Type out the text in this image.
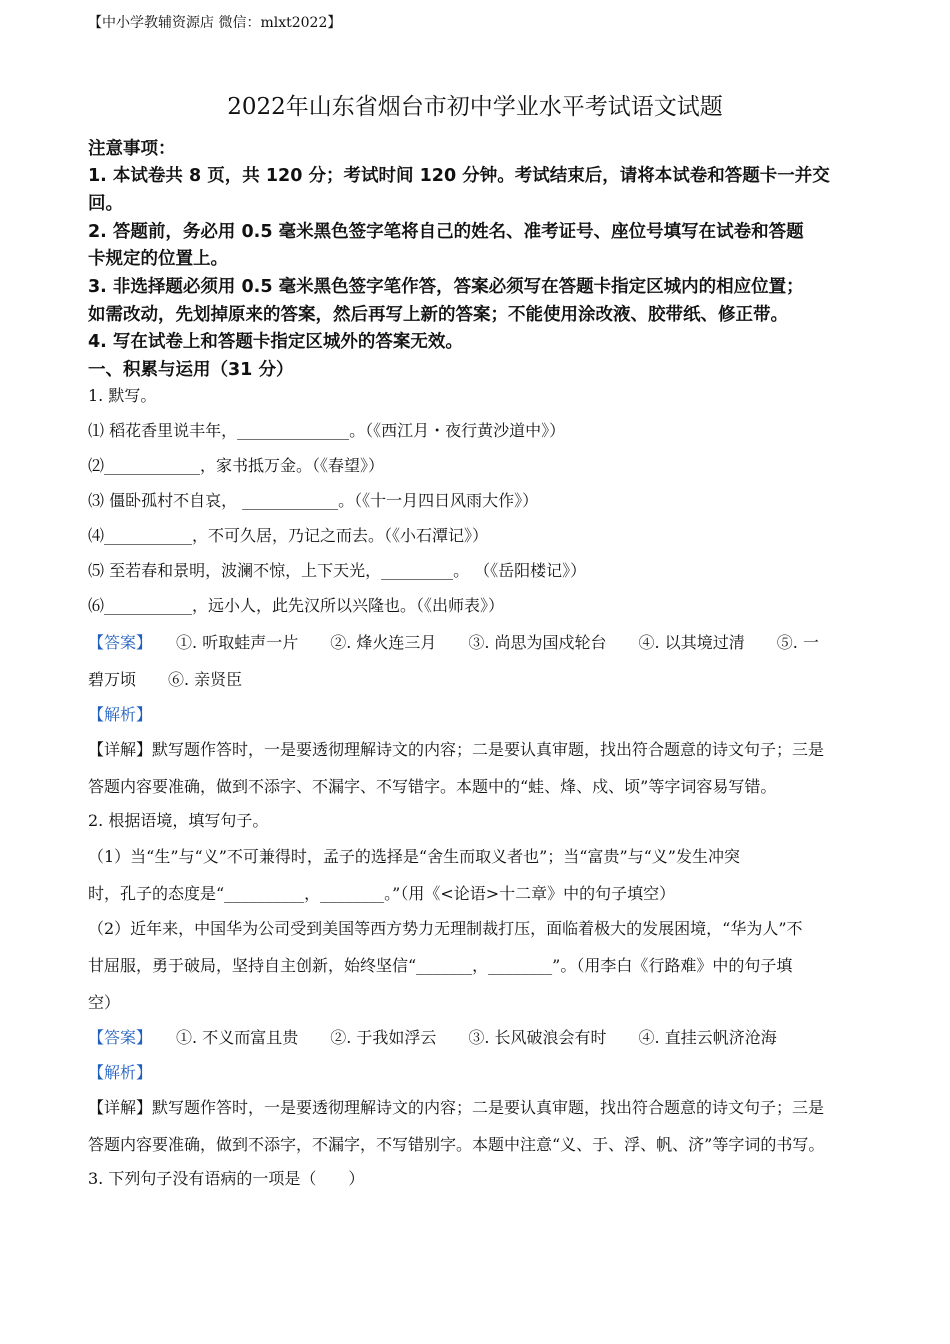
【中小学教辅资源店 微信：mlxt2022】
2022年山东省烟台市初中学业水平考试语文试题
注意事项：
1. 本试卷共 8 页，共 120 分；考试时间 120 分钟。考试结束后，请将本试卷和答题卡一并交
回。
2. 答题前，务必用 0.5 毫米黑色签字笔将自己的姓名、准考证号、座位号填写在试卷和答题
卡规定的位置上。
3. 非选择题必须用 0.5 毫米黑色签字笔作答，答案必须写在答题卡指定区城内的相应位置；
如需改动，先划掉原来的答案，然后再写上新的答案；不能使用涂改液、胶带纸、修正带。
4. 写在试卷上和答题卡指定区城外的答案无效。
一、积累与运用（31 分）
1. 默写。
⑴ 稻花香里说丰年，______________。（《西江月・夜行黄沙道中》）
⑵____________，家书抵万金。（《春望》）
⑶ 僵卧孤村不自哀， ____________。（《十一月四日风雨大作》）
⑷___________，不可久居，乃记之而去。（《小石潭记》）
⑸ 至若春和景明，波澜不惊，上下天光，_________。 （《岳阳楼记》）
⑹___________，远小人，此先汉所以兴隆也。（《出师表》）
【答案】 ①. 听取蛙声一片　　②. 烽火连三月　　③. 尚思为国戍轮台　　④. 以其境过清　　⑤. 一
碧万顷　　⑥. 亲贤臣
【解析】
【详解】默写题作答时，一是要透彻理解诗文的内容；二是要认真审题，找出符合题意的诗文句子；三是
答题内容要准确，做到不添字、不漏字、不写错字。本题中的“蛙、烽、戍、顷”等字词容易写错。
2. 根据语境，填写句子。
（1）当“生”与“义”不可兼得时，孟子的选择是“舍生而取义者也”；当“富贵”与“义”发生冲突
时，孔子的态度是“__________，________。”（用《<论语>十二章》中的句子填空）
（2）近年来，中国华为公司受到美国等西方势力无理制裁打压，面临着极大的发展困境，“华为人”不
甘屈服，勇于破局，坚持自主创新，始终坚信“_______，________”。（用李白《行路难》中的句子填
空）
【答案】 ①. 不义而富且贵　　②. 于我如浮云　　③. 长风破浪会有时　　④. 直挂云帆济沧海
【解析】
【详解】默写题作答时，一是要透彻理解诗文的内容；二是要认真审题，找出符合题意的诗文句子；三是
答题内容要准确，做到不添字，不漏字，不写错别字。本题中注意“义、于、浮、帆、济”等字词的书写。
3. 下列句子没有语病的一项是（　　）
